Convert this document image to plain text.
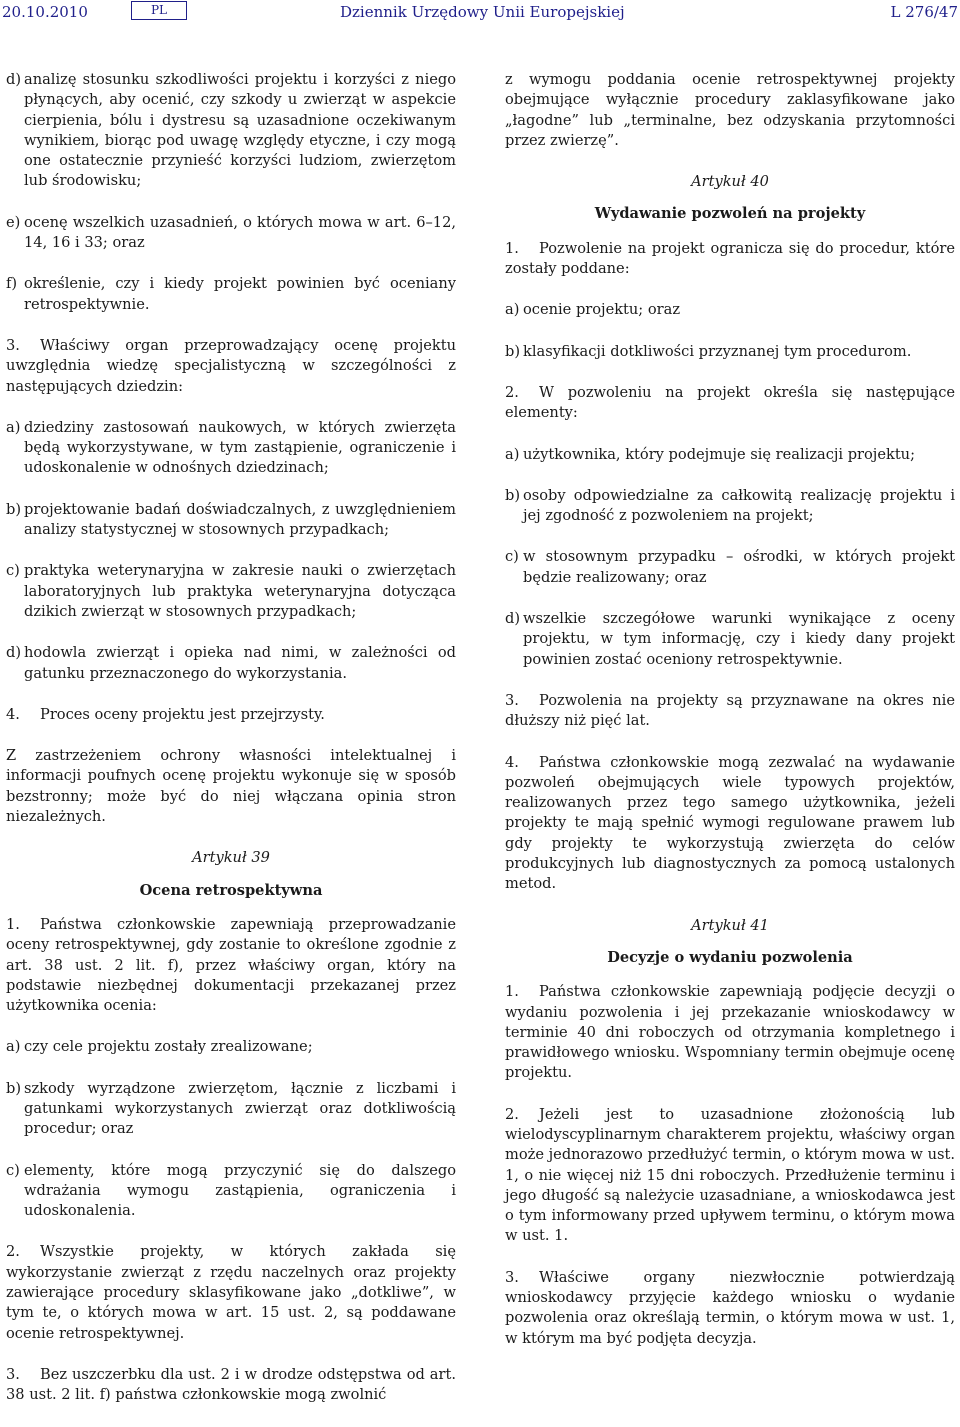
20.10.2010	PL	Dziennik Urzędowy Unii Europejskiej	L 276/47
d) analizę stosunku szkodliwości projektu i korzyści z niego płynących, aby ocenić, czy szkody u zwierząt w aspekcie cierpienia, bólu i dystresu są uzasadnione oczekiwanym wynikiem, biorąc pod uwagę względy etyczne, i czy mogą one ostatecznie przynieść korzyści ludziom, zwierzętom lub środowisku;
e) ocenę wszelkich uzasadnień, o których mowa w art. 6–12, 14, 16 i 33; oraz
f) określenie, czy i kiedy projekt powinien być oceniany retrospektywnie.

3. Właściwy organ przeprowadzający ocenę projektu uwzględnia wiedzę specjalistyczną w szczególności z następujących dziedzin:

a) dziedziny zastosowań naukowych, w których zwierzęta będą wykorzystywane, w tym zastąpienie, ograniczenie i udoskonalenie w odnośnych dziedzinach;
b) projektowanie badań doświadczalnych, z uwzględnieniem analizy statystycznej w stosownych przypadkach;
c) praktyka weterynaryjna w zakresie nauki o zwierzętach laboratoryjnych lub praktyka weterynaryjna dotycząca dzikich zwierząt w stosownych przypadkach;
d) hodowla zwierząt i opieka nad nimi, w zależności od gatunku przeznaczonego do wykorzystania.

4. Proces oceny projektu jest przejrzysty.

Z zastrzeżeniem ochrony własności intelektualnej i informacji poufnych ocenę projektu wykonuje się w sposób bezstronny; może być do niej włączana opinia stron niezależnych.

Artykuł 39
Ocena retrospektywna

1. Państwa członkowskie zapewniają przeprowadzanie oceny retrospektywnej, gdy zostanie to określone zgodnie z art. 38 ust. 2 lit. f), przez właściwy organ, który na podstawie niezbędnej dokumentacji przekazanej przez użytkownika ocenia:

a) czy cele projektu zostały zrealizowane;
b) szkody wyrządzone zwierzętom, łącznie z liczbami i gatunkami wykorzystanych zwierząt oraz dotkliwością procedur; oraz
c) elementy, które mogą przyczynić się do dalszego wdrażania wymogu zastąpienia, ograniczenia i udoskonalenia.

2. Wszystkie projekty, w których zakłada się wykorzystanie zwierząt z rzędu naczelnych oraz projekty zawierające procedury sklasyfikowane jako „dotkliwe”, w tym te, o których mowa w art. 15 ust. 2, są poddawane ocenie retrospektywnej.

3. Bez uszczerbku dla ust. 2 i w drodze odstępstwa od art. 38 ust. 2 lit. f) państwa członkowskie mogą zwolnić

z wymogu poddania ocenie retrospektywnej projekty obejmujące wyłącznie procedury zaklasyfikowane jako „łagodne” lub „terminalne, bez odzyskania przytomności przez zwierzę”.

Artykuł 40
Wydawanie pozwoleń na projekty

1. Pozwolenie na projekt ogranicza się do procedur, które zostały poddane:

a) ocenie projektu; oraz
b) klasyfikacji dotkliwości przyznanej tym procedurom.

2. W pozwoleniu na projekt określa się następujące elementy:

a) użytkownika, który podejmuje się realizacji projektu;
b) osoby odpowiedzialne za całkowitą realizację projektu i jej zgodność z pozwoleniem na projekt;
c) w stosownym przypadku – ośrodki, w których projekt będzie realizowany; oraz
d) wszelkie szczegółowe warunki wynikające z oceny projektu, w tym informację, czy i kiedy dany projekt powinien zostać oceniony retrospektywnie.

3. Pozwolenia na projekty są przyznawane na okres nie dłuższy niż pięć lat.

4. Państwa członkowskie mogą zezwalać na wydawanie pozwoleń obejmujących wiele typowych projektów, realizowanych przez tego samego użytkownika, jeżeli projekty te mają spełnić wymogi regulowane prawem lub gdy projekty te wykorzystują zwierzęta do celów produkcyjnych lub diagnostycznych za pomocą ustalonych metod.

Artykuł 41
Decyzje o wydaniu pozwolenia

1. Państwa członkowskie zapewniają podjęcie decyzji o wydaniu pozwolenia i jej przekazanie wnioskodawcy w terminie 40 dni roboczych od otrzymania kompletnego i prawidłowego wniosku. Wspomniany termin obejmuje ocenę projektu.

2. Jeżeli jest to uzasadnione złożonością lub wielodyscyplinarnym charakterem projektu, właściwy organ może jednorazowo przedłużyć termin, o którym mowa w ust. 1, o nie więcej niż 15 dni roboczych. Przedłużenie terminu i jego długość są należycie uzasadniane, a wnioskodawca jest o tym informowany przed upływem terminu, o którym mowa w ust. 1.

3. Właściwe organy niezwłocznie potwierdzają wnioskodawcy przyjęcie każdego wniosku o wydanie pozwolenia oraz określają termin, o którym mowa w ust. 1, w którym ma być podjęta decyzja.
